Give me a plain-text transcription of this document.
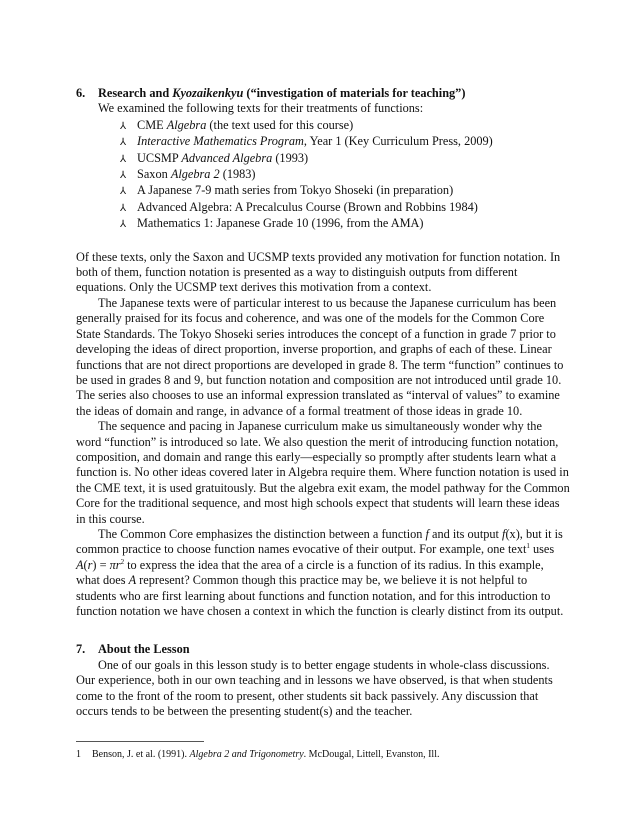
6. Research and Kyozaikenkyu (“investigation of materials for teaching”)

We examined the following texts for their treatments of functions:

⅄ CME Algebra (the text used for this course)
⅄ Interactive Mathematics Program, Year 1 (Key Curriculum Press, 2009)
⅄ UCSMP Advanced Algebra (1993)
⅄ Saxon Algebra 2 (1983)
⅄ A Japanese 7-9 math series from Tokyo Shoseki (in preparation)
⅄ Advanced Algebra: A Precalculus Course (Brown and Robbins 1984)
⅄ Mathematics 1: Japanese Grade 10 (1996, from the AMA)

Of these texts, only the Saxon and UCSMP texts provided any motivation for function notation. In both of them, function notation is presented as a way to distinguish outputs from different equations. Only the UCSMP text derives this motivation from a context.

The Japanese texts were of particular interest to us because the Japanese curriculum has been generally praised for its focus and coherence, and was one of the models for the Common Core State Standards. The Tokyo Shoseki series introduces the concept of a function in grade 7 prior to developing the ideas of direct proportion, inverse proportion, and graphs of each of these. Linear functions that are not direct proportions are developed in grade 8. The term “function” continues to be used in grades 8 and 9, but function notation and composition are not introduced until grade 10. The series also chooses to use an informal expression translated as “interval of values” to examine the ideas of domain and range, in advance of a formal treatment of those ideas in grade 10.

The sequence and pacing in Japanese curriculum make us simultaneously wonder why the word “function” is introduced so late. We also question the merit of introducing function notation, composition, and domain and range this early—especially so promptly after students learn what a function is. No other ideas covered later in Algebra require them. Where function notation is used in the CME text, it is used gratuitously. But the algebra exit exam, the model pathway for the Common Core for the traditional sequence, and most high schools expect that students will learn these ideas in this course.

The Common Core emphasizes the distinction between a function f and its output f(x), but it is common practice to choose function names evocative of their output. For example, one text$^1$ uses $A(r) = \pi r^2$ to express the idea that the area of a circle is a function of its radius. In this example, what does A represent? Common though this practice may be, we believe it is not helpful to students who are first learning about functions and function notation, and for this introduction to function notation we have chosen a context in which the function is clearly distinct from its output.

7. About the Lesson

One of our goals in this lesson study is to better engage students in whole-class discussions. Our experience, both in our own teaching and in lessons we have observed, is that when students come to the front of the room to present, other students sit back passively. Any discussion that occurs tends to be between the presenting student(s) and the teacher.

1 Benson, J. et al. (1991). Algebra 2 and Trigonometry. McDougal, Littell, Evanston, Ill.
